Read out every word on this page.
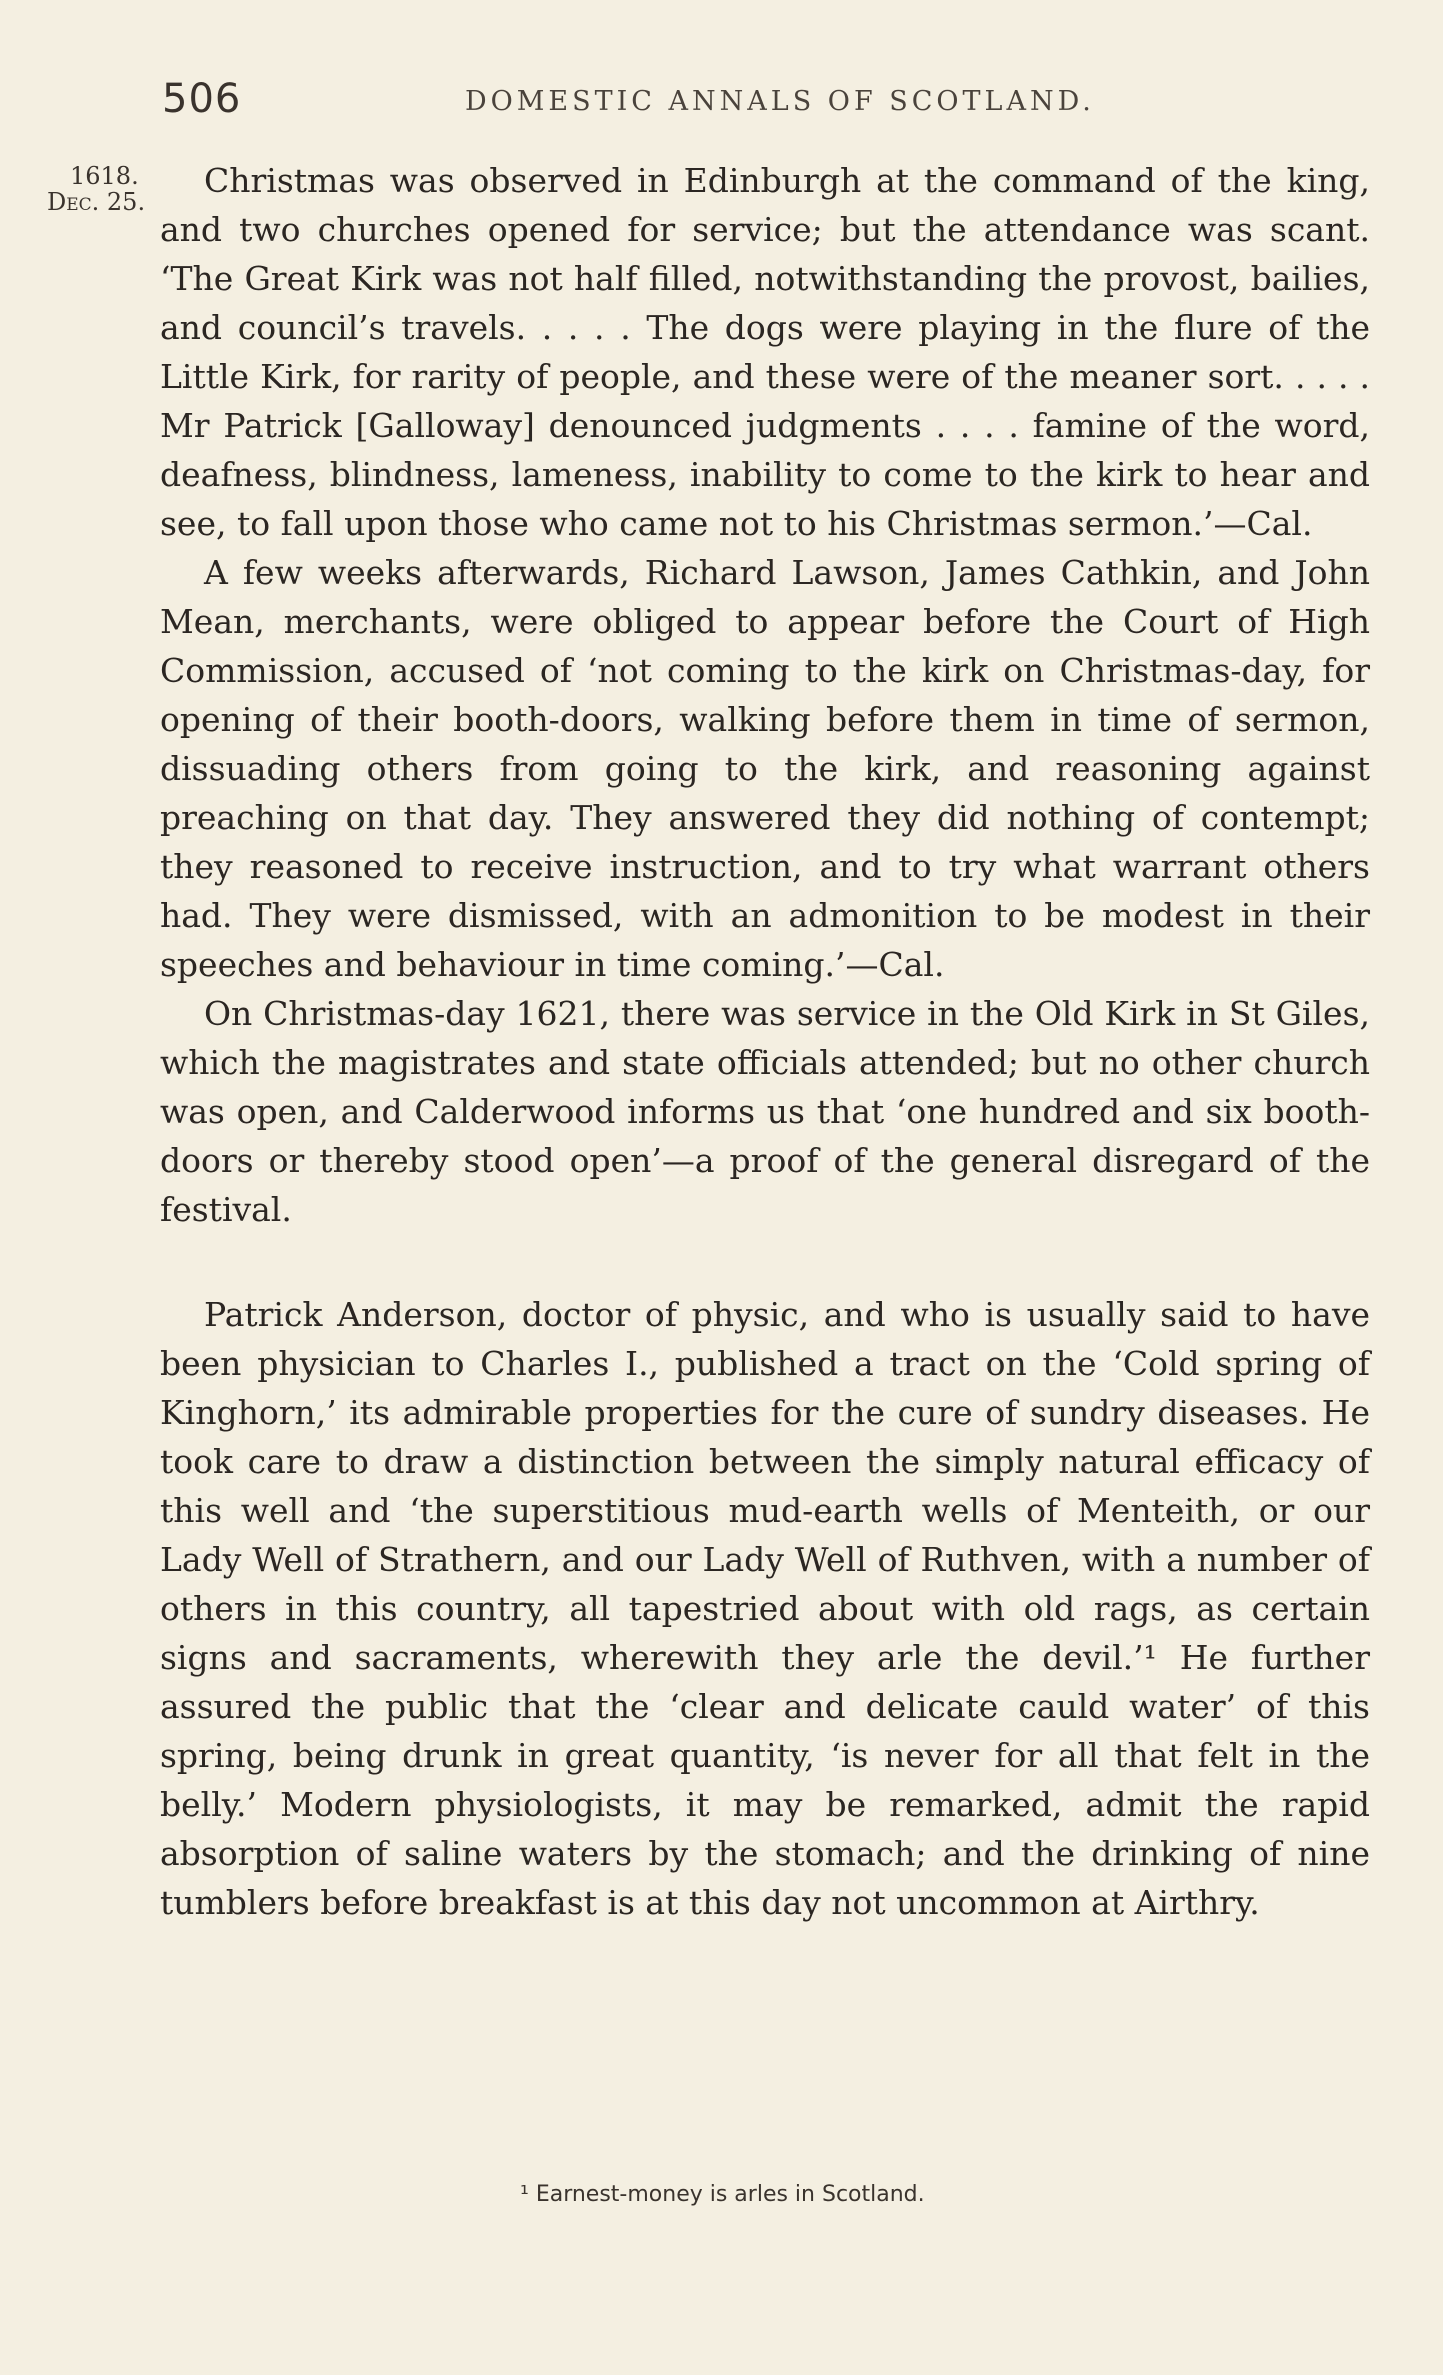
506	DOMESTIC ANNALS OF SCOTLAND.
1618.
Dec. 25.

Christmas was observed in Edinburgh at the command of the king, and two churches opened for service; but the attendance was scant. ‘The Great Kirk was not half filled, notwithstanding the provost, bailies, and council’s travels. . . . . The dogs were playing in the flure of the Little Kirk, for rarity of people, and these were of the meaner sort. . . . . Mr Patrick [Galloway] denounced judgments . . . . famine of the word, deafness, blindness, lameness, inability to come to the kirk to hear and see, to fall upon those who came not to his Christmas sermon.’—Cal.

A few weeks afterwards, Richard Lawson, James Cathkin, and John Mean, merchants, were obliged to appear before the Court of High Commission, accused of ‘not coming to the kirk on Christmas-day, for opening of their booth-doors, walking before them in time of sermon, dissuading others from going to the kirk, and reasoning against preaching on that day. They answered they did nothing of contempt; they reasoned to receive instruction, and to try what warrant others had. They were dismissed, with an admonition to be modest in their speeches and behaviour in time coming.’—Cal.

On Christmas-day 1621, there was service in the Old Kirk in St Giles, which the magistrates and state officials attended; but no other church was open, and Calderwood informs us that ‘one hundred and six booth-doors or thereby stood open’—a proof of the general disregard of the festival.

Patrick Anderson, doctor of physic, and who is usually said to have been physician to Charles I., published a tract on the ‘Cold spring of Kinghorn,’ its admirable properties for the cure of sundry diseases. He took care to draw a distinction between the simply natural efficacy of this well and ‘the superstitious mud-earth wells of Menteith, or our Lady Well of Strathern, and our Lady Well of Ruthven, with a number of others in this country, all tapestried about with old rags, as certain signs and sacraments, wherewith they arle the devil.’¹ He further assured the public that the ‘clear and delicate cauld water’ of this spring, being drunk in great quantity, ‘is never for all that felt in the belly.’ Modern physiologists, it may be remarked, admit the rapid absorption of saline waters by the stomach; and the drinking of nine tumblers before breakfast is at this day not uncommon at Airthry.

¹ Earnest-money is arles in Scotland.
